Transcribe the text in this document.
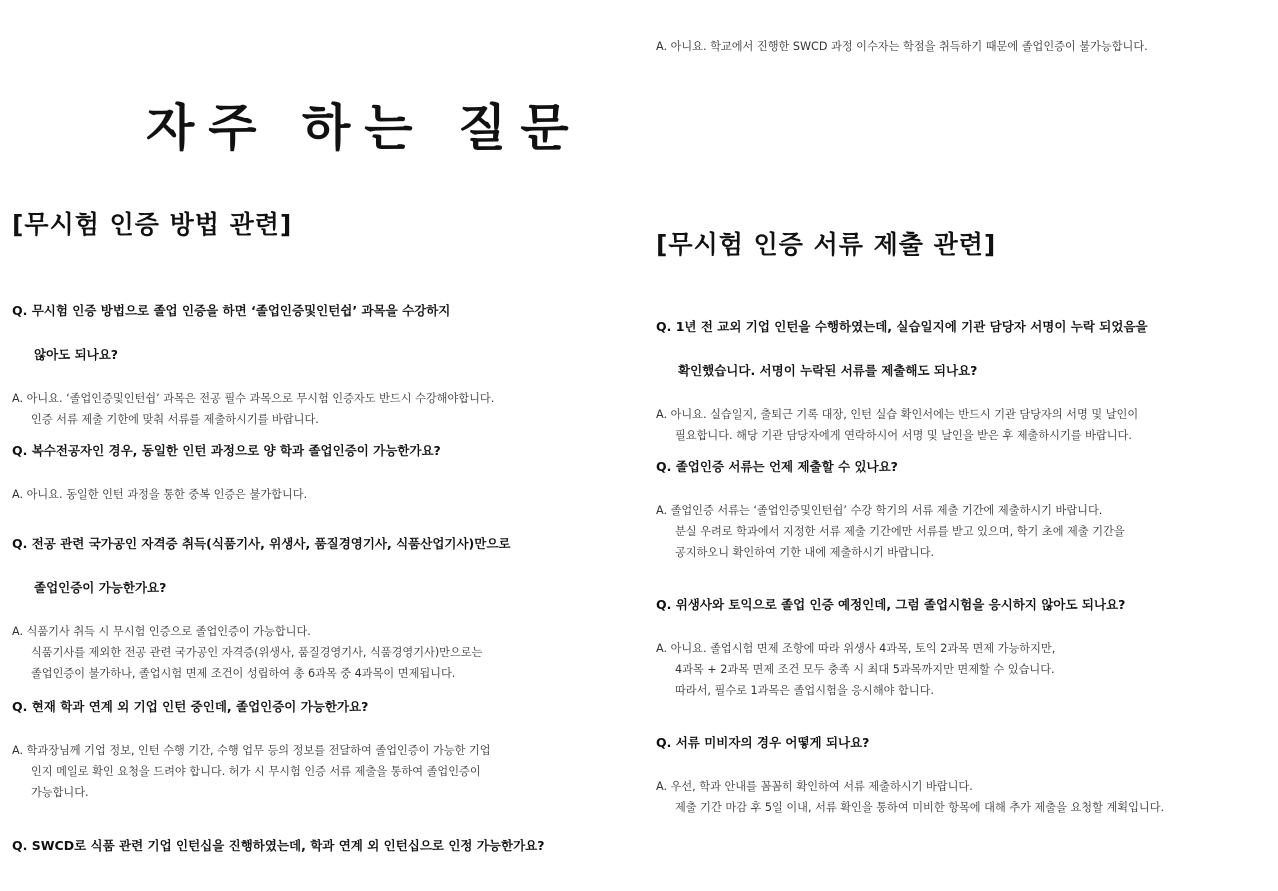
자주 하는 질문
[무시험 인증 방법 관련]

Q. 무시험 인증 방법으로 졸업 인증을 하면 ‘졸업인증및인턴쉽’ 과목을 수강하지

않아도 되나요?

A. 아니요. ‘졸업인증및인턴쉽’ 과목은 전공 필수 과목으로 무시험 인증자도 반드시 수강해야합니다.
인증 서류 제출 기한에 맞춰 서류를 제출하시기를 바랍니다.

Q. 복수전공자인 경우, 동일한 인턴 과정으로 양 학과 졸업인증이 가능한가요?

A. 아니요. 동일한 인턴 과정을 통한 중복 인증은 불가합니다.

Q. 전공 관련 국가공인 자격증 취득(식품기사, 위생사, 품질경영기사, 식품산업기사)만으로

졸업인증이 가능한가요?

A. 식품기사 취득 시 무시험 인증으로 졸업인증이 가능합니다.
식품기사를 제외한 전공 관련 국가공인 자격증(위생사, 품질경영기사, 식품경영기사)만으로는
졸업인증이 불가하나, 졸업시험 면제 조건이 성립하여 총 6과목 중 4과목이 면제됩니다.

Q. 현재 학과 연계 외 기업 인턴 중인데, 졸업인증이 가능한가요?

A. 학과장님께 기업 정보, 인턴 수행 기간, 수행 업무 등의 정보를 전달하여 졸업인증이 가능한 기업
인지 메일로 확인 요청을 드려야 합니다. 허가 시 무시험 인증 서류 제출을 통하여 졸업인증이
가능합니다.

Q. SWCD로 식품 관련 기업 인턴십을 진행하였는데, 학과 연계 외 인턴십으로 인정 가능한가요?

A. 아니요. 학교에서 진행한 SWCD 과정 이수자는 학점을 취득하기 때문에 졸업인증이 불가능합니다.

[무시험 인증 서류 제출 관련]

Q. 1년 전 교외 기업 인턴을 수행하였는데, 실습일지에 기관 담당자 서명이 누락 되었음을

확인했습니다. 서명이 누락된 서류를 제출해도 되나요?

A. 아니요. 실습일지, 출퇴근 기록 대장, 인턴 실습 확인서에는 반드시 기관 담당자의 서명 및 날인이
필요합니다. 해당 기관 담당자에게 연락하시어 서명 및 날인을 받은 후 제출하시기를 바랍니다.

Q. 졸업인증 서류는 언제 제출할 수 있나요?

A. 졸업인증 서류는 ‘졸업인증및인턴쉽’ 수강 학기의 서류 제출 기간에 제출하시기 바랍니다.
분실 우려로 학과에서 지정한 서류 제출 기간에만 서류를 받고 있으며, 학기 초에 제출 기간을
공지하오니 확인하여 기한 내에 제출하시기 바랍니다.

Q. 위생사와 토익으로 졸업 인증 예정인데, 그럼 졸업시험을 응시하지 않아도 되나요?

A. 아니요. 졸업시험 면제 조항에 따라 위생사 4과목, 토익 2과목 면제 가능하지만,
4과목 + 2과목 면제 조건 모두 충족 시 최대 5과목까지만 면제할 수 있습니다.
따라서, 필수로 1과목은 졸업시험을 응시해야 합니다.

Q. 서류 미비자의 경우 어떻게 되나요?

A. 우선, 학과 안내를 꼼꼼히 확인하여 서류 제출하시기 바랍니다.
제출 기간 마감 후 5일 이내, 서류 확인을 통하여 미비한 항목에 대해 추가 제출을 요청할 계획입니다.
